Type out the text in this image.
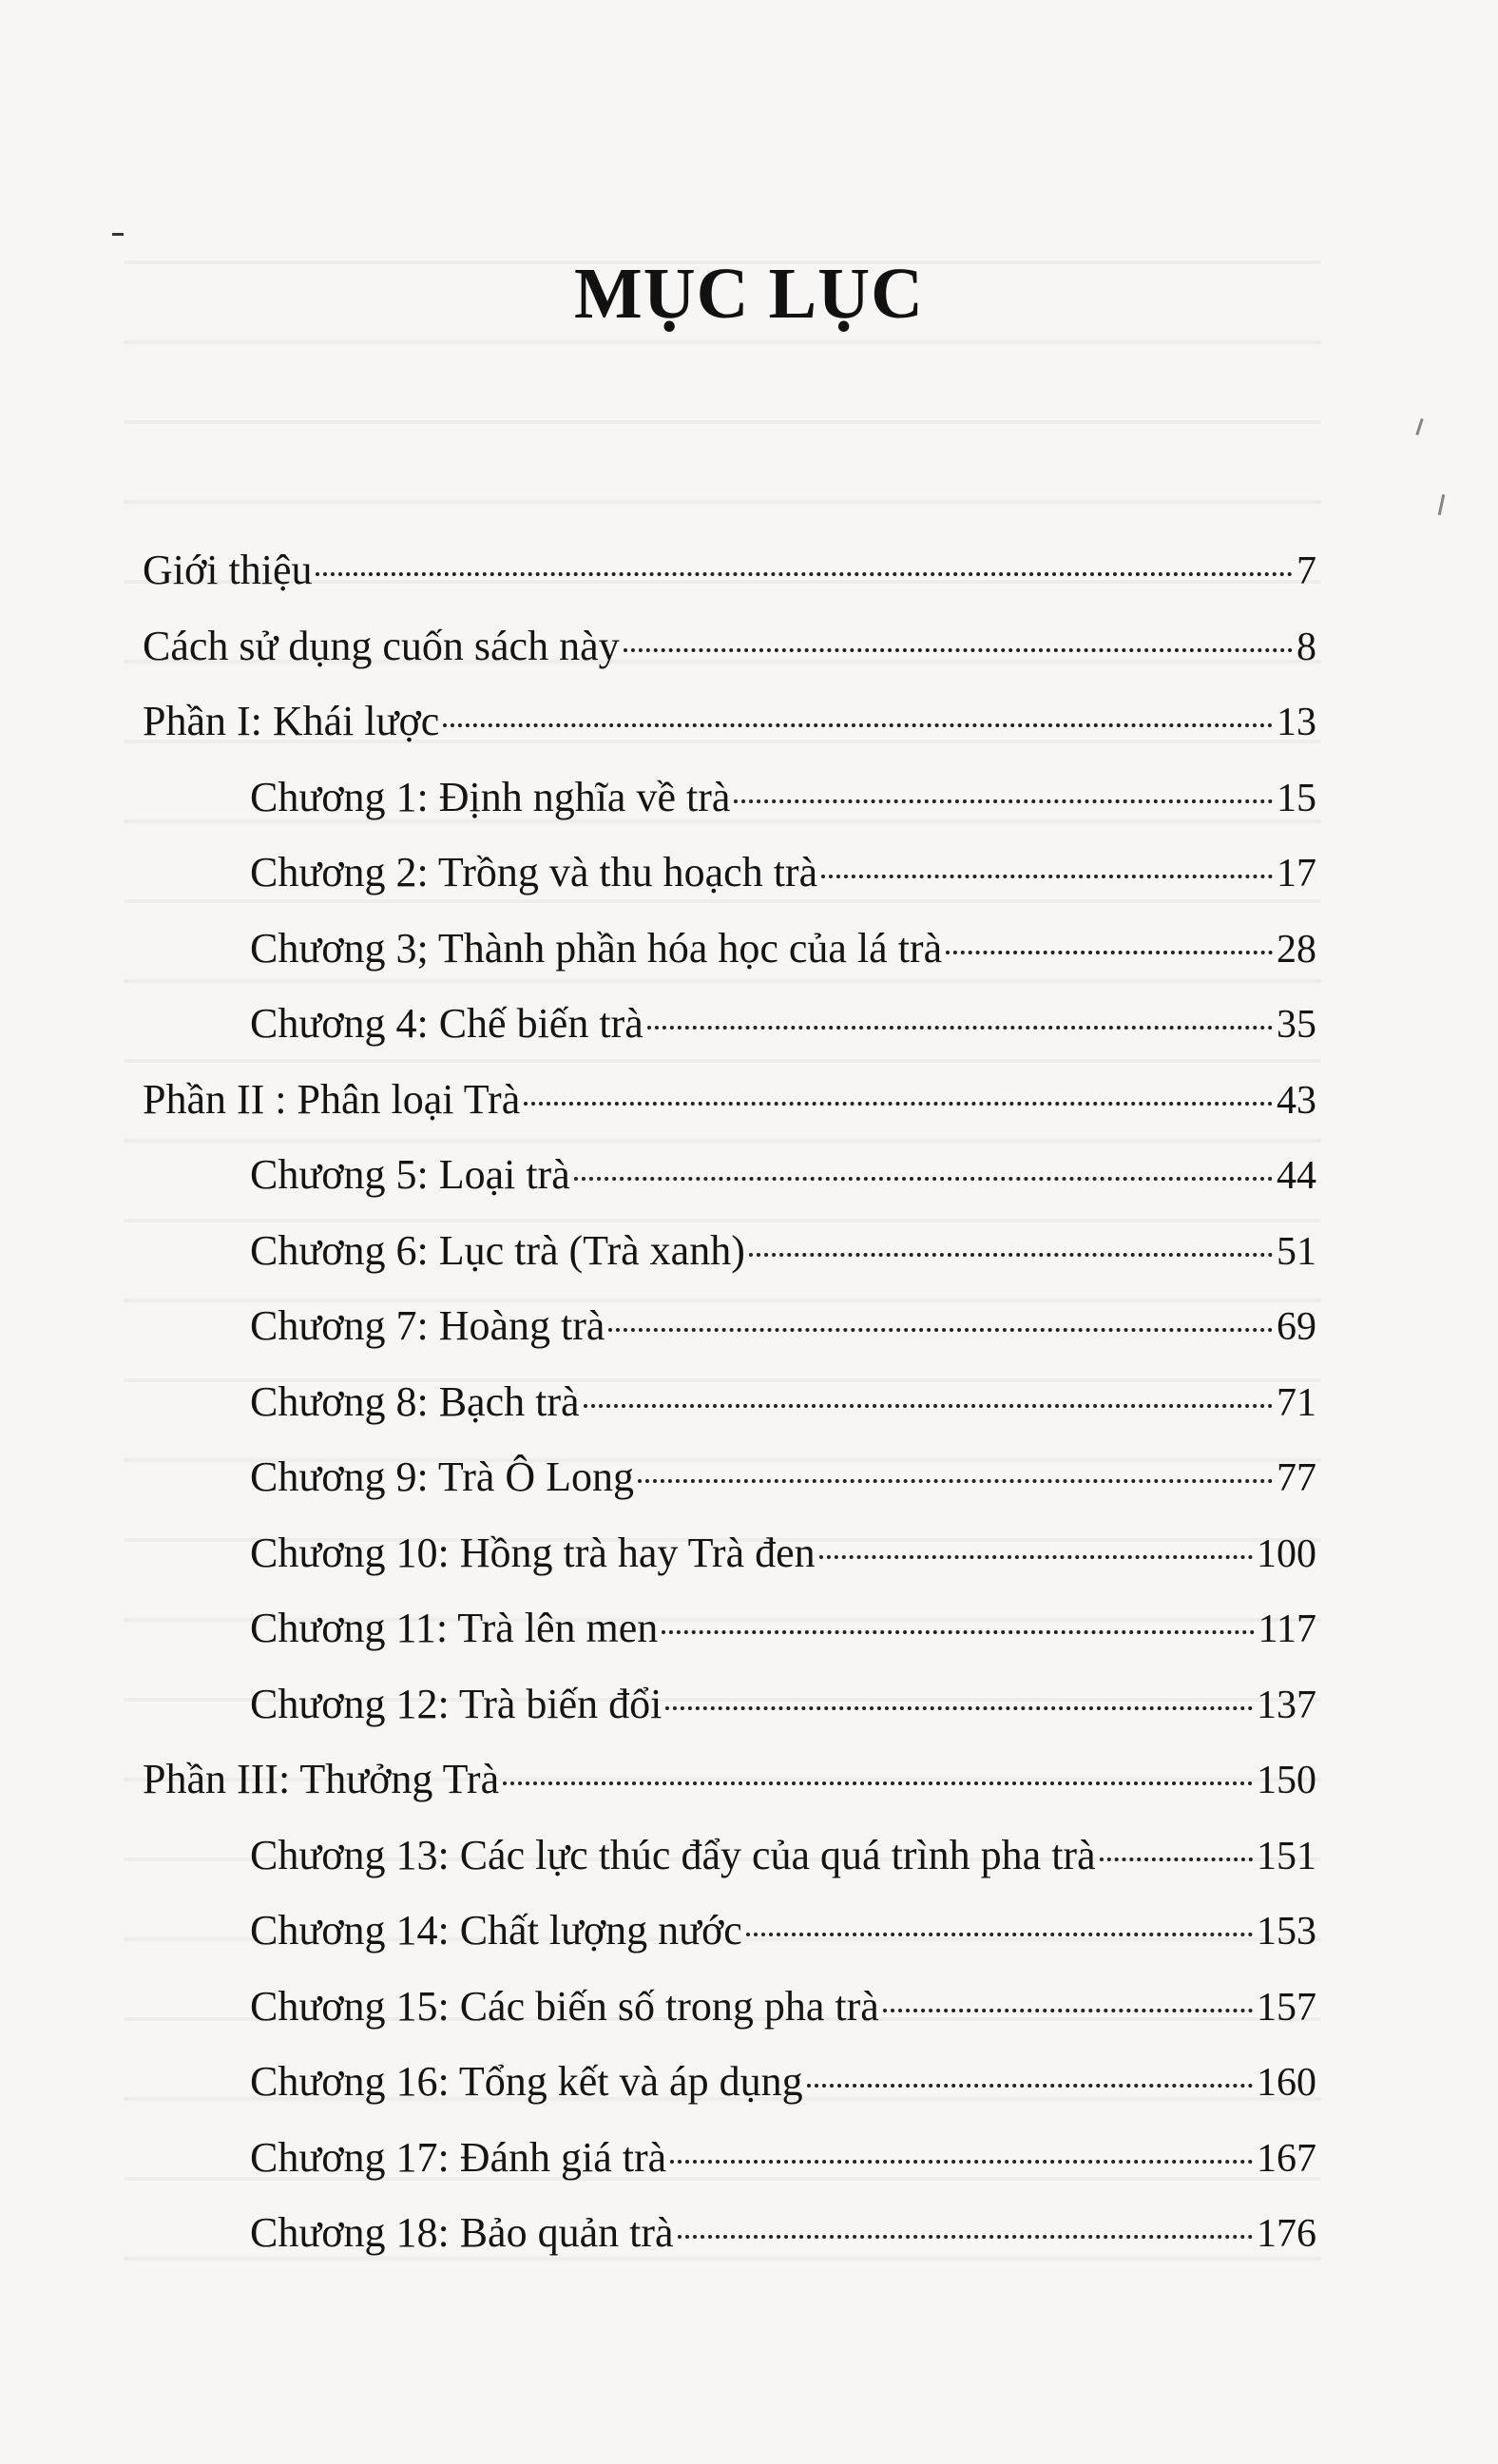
MỤC LỤC
Giới thiệu	7
Cách sử dụng cuốn sách này	8
Phần I: Khái lược	13
Chương 1: Định nghĩa về trà	15
Chương 2: Trồng và thu hoạch trà	17
Chương 3; Thành phần hóa học của lá trà	28
Chương 4: Chế biến trà	35
Phần II : Phân loại Trà	43
Chương 5: Loại trà	44
Chương 6: Lục trà (Trà xanh)	51
Chương 7: Hoàng trà	69
Chương 8: Bạch trà	71
Chương 9: Trà Ô Long	77
Chương 10: Hồng trà hay Trà đen	100
Chương 11: Trà lên men	117
Chương 12: Trà biến đổi	137
Phần III: Thưởng Trà	150
Chương 13: Các lực thúc đẩy của quá trình pha trà	151
Chương 14: Chất lượng nước	153
Chương 15: Các biến số trong pha trà	157
Chương 16: Tổng kết và áp dụng	160
Chương 17: Đánh giá trà	167
Chương 18: Bảo quản trà	176
